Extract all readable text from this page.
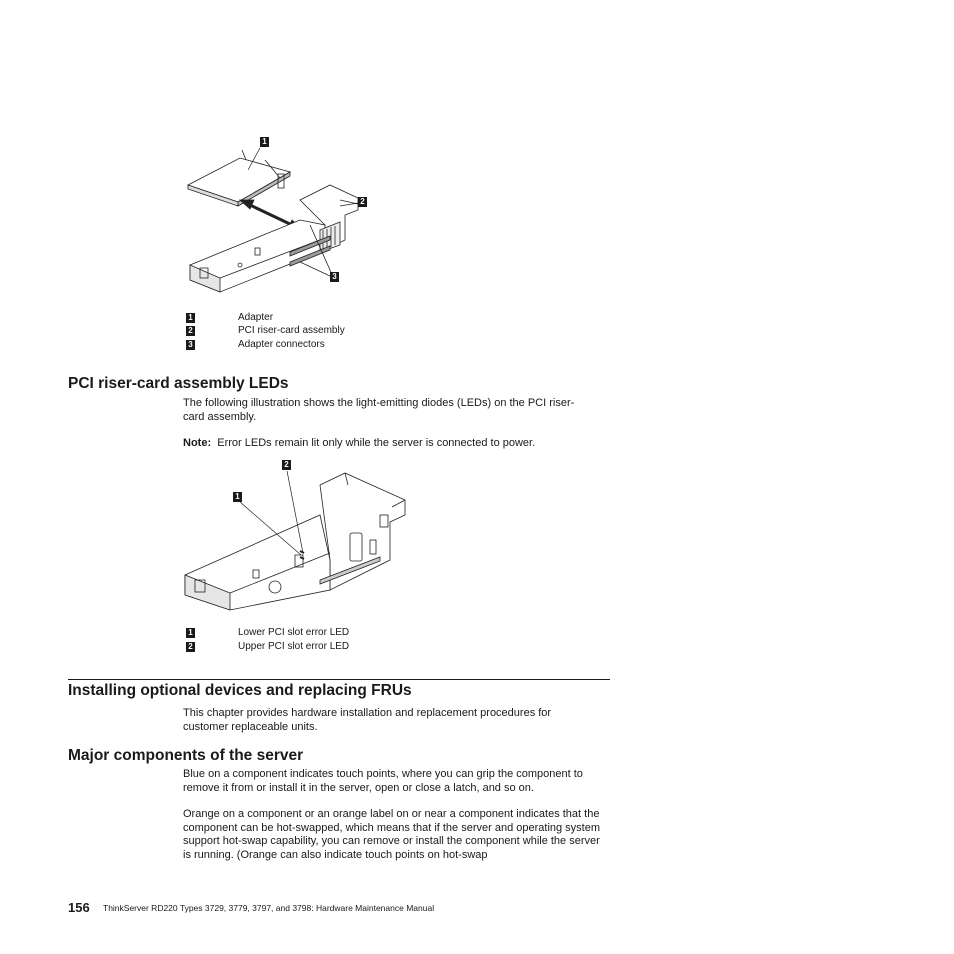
1
2
3
1	Adapter
2	PCI riser-card assembly
3	Adapter connectors
PCI riser-card assembly LEDs

The following illustration shows the light-emitting diodes (LEDs) on the PCI riser-card assembly.

Note: Error LEDs remain lit only while the server is connected to power.

1
2
1	Lower PCI slot error LED
2	Upper PCI slot error LED
Installing optional devices and replacing FRUs

This chapter provides hardware installation and replacement procedures for customer replaceable units.

Major components of the server

Blue on a component indicates touch points, where you can grip the component to remove it from or install it in the server, open or close a latch, and so on.

Orange on a component or an orange label on or near a component indicates that the component can be hot-swapped, which means that if the server and operating system support hot-swap capability, you can remove or install the component while the server is running. (Orange can also indicate touch points on hot-swap

156 ThinkServer RD220 Types 3729, 3779, 3797, and 3798: Hardware Maintenance Manual
